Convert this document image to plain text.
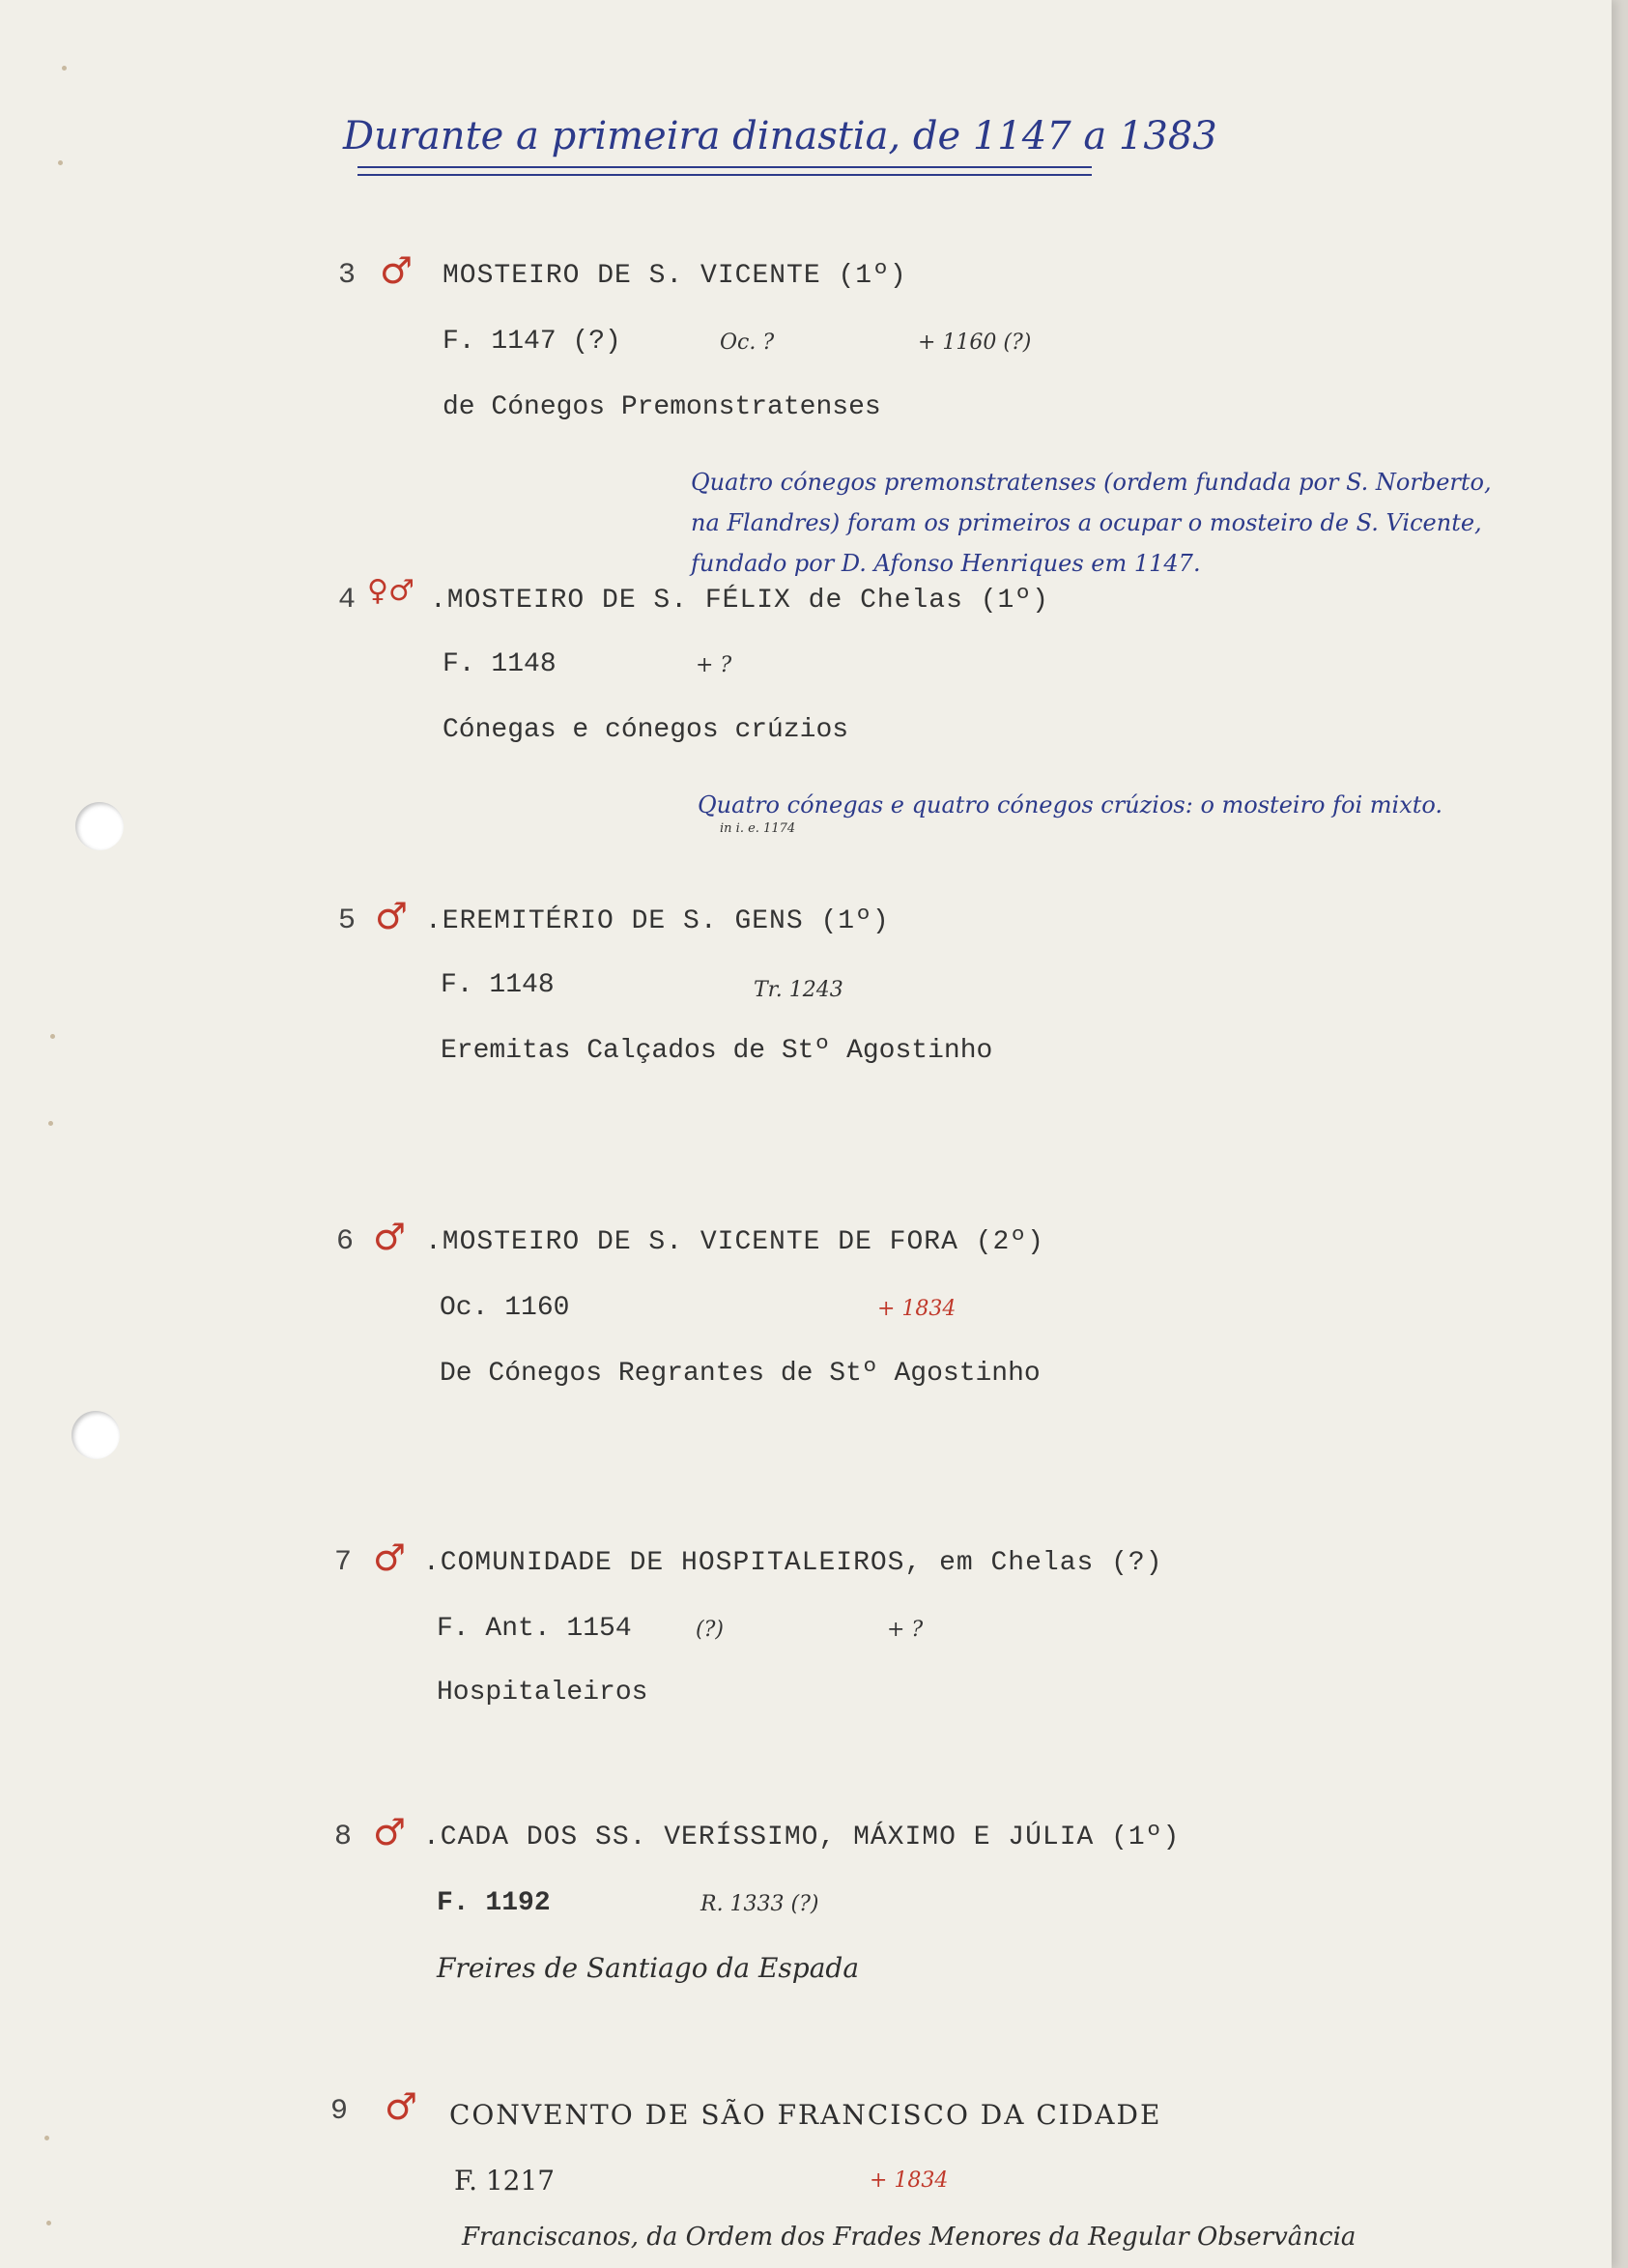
Durante a primeira dinastia, de 1147 a 1383
3 ♂ MOSTEIRO DE S. VICENTE (1º)
F. 1147 (?)	Oc. ?	+ 1160 (?)
de Cónegos Premonstratenses
Quatro cónegos premonstratenses (ordem fundada por S. Norberto,
na Flandres) foram os primeiros a ocupar o mosteiro de S. Vicente,
fundado por D. Afonso Henriques em 1147.
4 ♀♂ .MOSTEIRO DE S. FÉLIX de Chelas (1º)
F. 1148	+ ?
Cónegas e cónegos crúzios
Quatro cónegas e quatro cónegos crúzios: o mosteiro foi mixto.
in i. e. 1174
5 ♂ .EREMITÉRIO DE S. GENS (1º)
F. 1148	Tr. 1243
Eremitas Calçados de Stº Agostinho
6 ♂ .MOSTEIRO DE S. VICENTE DE FORA (2º)
Oc. 1160	+ 1834
De Cónegos Regrantes de Stº Agostinho
7 ♂ .COMUNIDADE DE HOSPITALEIROS, em Chelas (?)
F. Ant. 1154	(?)	+ ?
Hospitaleiros
8 ♂ .CADA DOS SS. VERÍSSIMO, MÁXIMO E JÚLIA (1º)
F. 1192	R. 1333 (?)
Freires de Santiago da Espada
9 ♂ CONVENTO DE SÃO FRANCISCO DA CIDADE
F. 1217	+ 1834
Franciscanos, da Ordem dos Frades Menores da Regular Observância
